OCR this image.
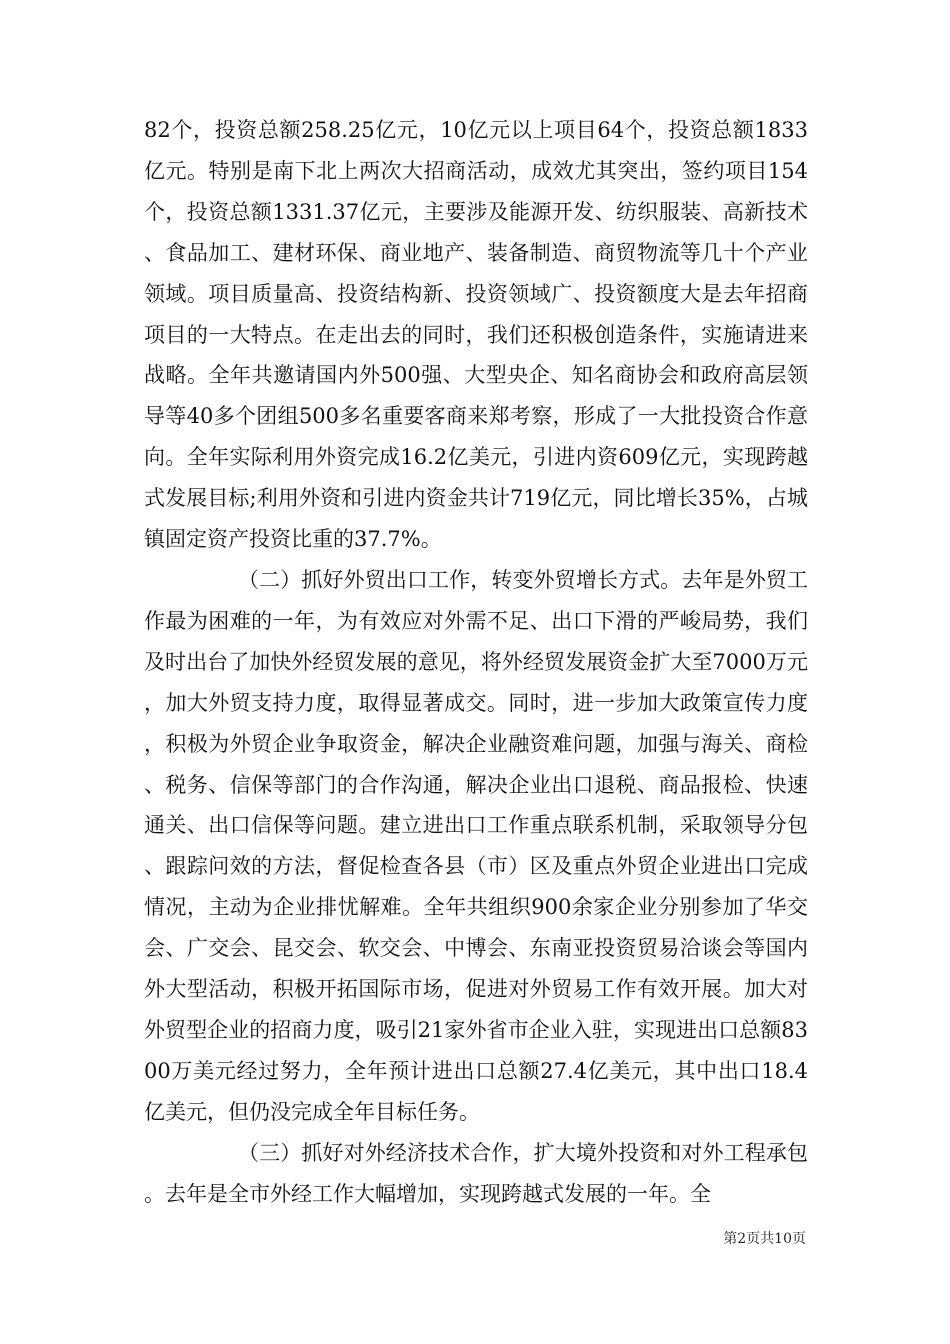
82个，投资总额258.25亿元，10亿元以上项目64个，投资总额1833亿元。特别是南下北上两次大招商活动，成效尤其突出，签约项目154个，投资总额1331.37亿元，主要涉及能源开发、纺织服装、高新技术、食品加工、建材环保、商业地产、装备制造、商贸物流等几十个产业领域。项目质量高、投资结构新、投资领域广、投资额度大是去年招商项目的一大特点。在走出去的同时，我们还积极创造条件，实施请进来战略。全年共邀请国内外500强、大型央企、知名商协会和政府高层领导等40多个团组500多名重要客商来郑考察，形成了一大批投资合作意向。全年实际利用外资完成16.2亿美元，引进内资609亿元，实现跨越式发展目标;利用外资和引进内资金共计719亿元，同比增长35%，占城镇固定资产投资比重的37.7%。

（二）抓好外贸出口工作，转变外贸增长方式。去年是外贸工作最为困难的一年，为有效应对外需不足、出口下滑的严峻局势，我们及时出台了加快外经贸发展的意见，将外经贸发展资金扩大至7000万元，加大外贸支持力度，取得显著成交。同时，进一步加大政策宣传力度，积极为外贸企业争取资金，解决企业融资难问题，加强与海关、商检、税务、信保等部门的合作沟通，解决企业出口退税、商品报检、快速通关、出口信保等问题。建立进出口工作重点联系机制，采取领导分包、跟踪问效的方法，督促检查各县（市）区及重点外贸企业进出口完成情况，主动为企业排忧解难。全年共组织900余家企业分别参加了华交会、广交会、昆交会、软交会、中博会、东南亚投资贸易洽谈会等国内外大型活动，积极开拓国际市场，促进对外贸易工作有效开展。加大对外贸型企业的招商力度，吸引21家外省市企业入驻，实现进出口总额8300万美元经过努力，全年预计进出口总额27.4亿美元，其中出口18.4亿美元，但仍没完成全年目标任务。

（三）抓好对外经济技术合作，扩大境外投资和对外工程承包。去年是全市外经工作大幅增加，实现跨越式发展的一年。全

第2页共10页
